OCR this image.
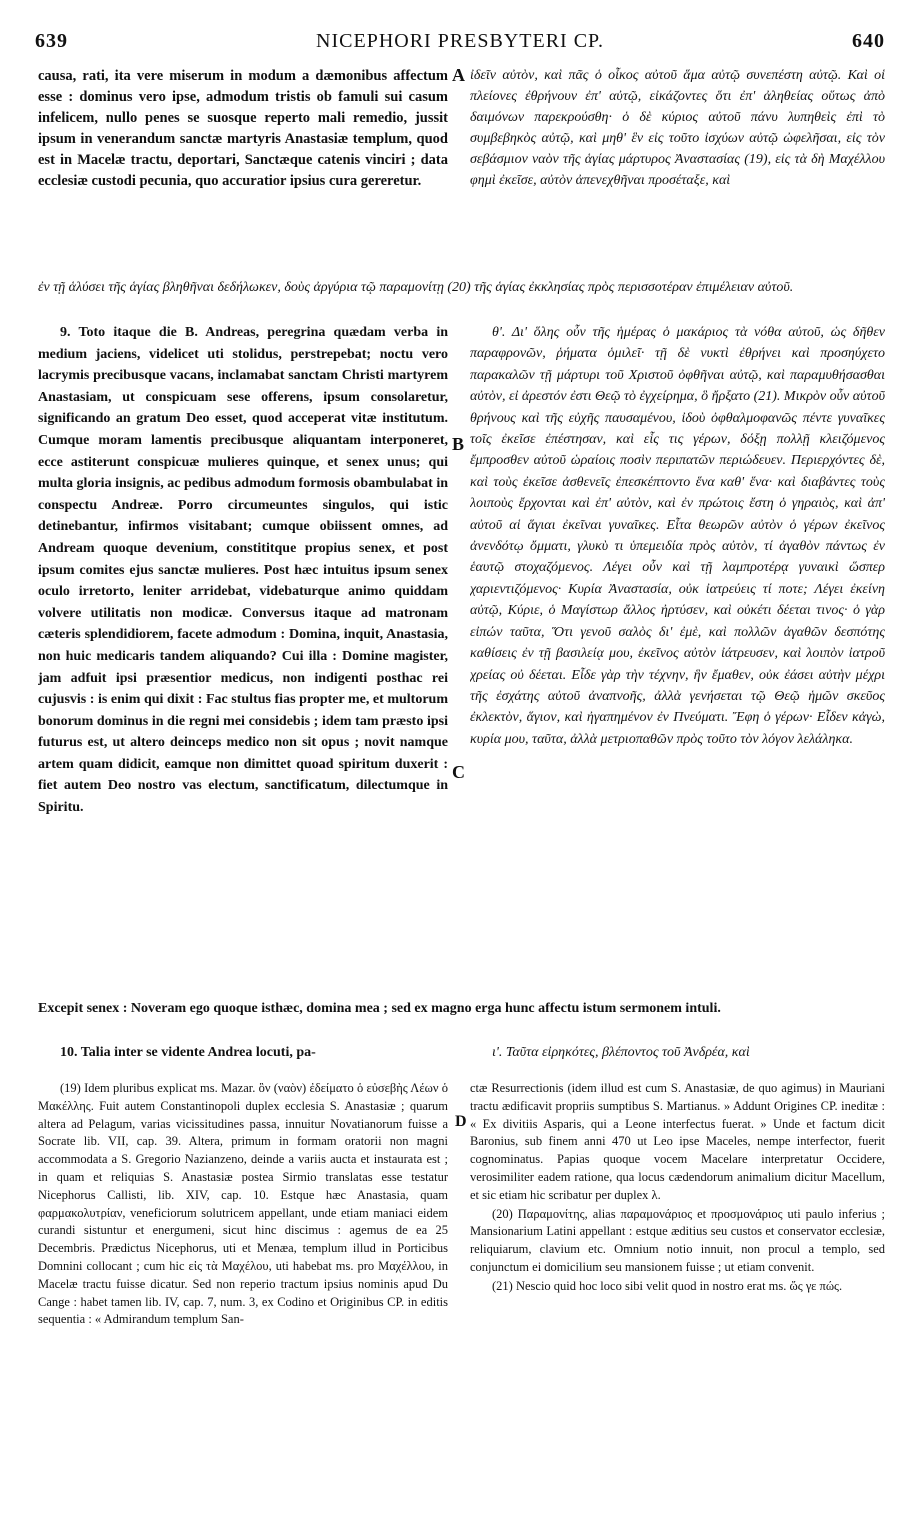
639	NICEPHORI PRESBYTERI CP.	640

causa, rati, ita vere miserum in modum a dæmonibus affectum esse : dominus vero ipse, admodum tristis ob famuli sui casum infelicem, nullo penes se suosque reperto mali remedio, jussit ipsum in venerandum sanctæ martyris Anastasiæ templum, quod est in Macelæ tractu, deportari, Sanctæque catenis vinciri ; data ecclesiæ custodi pecunia, quo accuratior ipsius cura gereretur.

A ἰδεῖν αὐτὸν, καὶ πᾶς ὁ οἶκος αὐτοῦ ἅμα αὐτῷ συνεπέστη αὐτῷ. Καὶ οἱ πλείονες ἐθρήνουν ἐπ' αὐτῷ, εἰκάζοντες ὅτι ἐπ' ἀληθείας οὕτως ἀπὸ δαιμόνων παρεκρούσθη· ὁ δὲ κύριος αὐτοῦ πάνυ λυπηθεὶς ἐπὶ τὸ συμβεβηκὸς αὐτῷ, καὶ μηθ' ἓν εἰς τοῦτο ἰσχύων αὐτῷ ὠφελῆσαι, εἰς τὸν σεβάσμιον ναὸν τῆς ἁγίας μάρτυρος Ἀναστασίας (19), εἰς τὰ δὴ Μαχέλλου φημὶ ἐκεῖσε, αὐτὸν ἀπενεχθῆναι προσέταξε, καὶ

ἐν τῇ ἁλύσει τῆς ἁγίας βληθῆναι δεδήλωκεν, δοὺς ἀργύρια τῷ παραμονίτῃ (20) τῆς ἁγίας ἐκκλησίας πρὸς περισσοτέραν ἐπιμέλειαν αὐτοῦ.

9. Toto itaque die B. Andreas, peregrina quædam verba in medium jaciens, videlicet uti stolidus, perstrepebat; noctu vero lacrymis precibusque vacans, inclamabat sanctam Christi martyrem Anastasiam, ut conspicuam sese offerens, ipsum consolaretur, significando an gratum Deo esset, quod acceperat vitæ institutum. Cumque moram lamentis precibusque aliquantam interponeret, ecce astiterunt conspicuæ mulieres quinque, et senex unus; qui multa gloria insignis, ac pedibus admodum formosis obambulabat in conspectu Andreæ. Porro circumeuntes singulos, qui istic detinebantur, infirmos visitabant; cumque obiissent omnes, ad Andream quoque devenium, constititque propius senex, et post ipsum comites ejus sanctæ mulieres. Post hæc intuitus ipsum senex oculo irretorto, leniter arridebat, videbaturque animo quiddam volvere utilitatis non modicæ. Conversus itaque ad matronam cæteris splendidiorem, facete admodum : Domina, inquit, Anastasia, non huic medicaris tandem aliquando? Cui illa : Domine magister, jam adfuit ipsi præsentior medicus, non indigenti posthac rei cujusvis : is enim qui dixit : Fac stultus fias propter me, et multorum bonorum dominus in die regni mei considebis ; idem tam præsto ipsi futurus est, ut altero deinceps medico non sit opus ; novit namque artem quam didicit, eamque non dimittet quoad spiritum duxerit : fiet autem Deo nostro vas electum, sanctificatum, dilectumque in Spiritu.

B
C

θ'. Δι' ὅλης οὖν τῆς ἡμέρας ὁ μακάριος τὰ νόθα αὐτοῦ, ὡς δῆθεν παραφρονῶν, ῥήματα ὁμιλεῖ· τῇ δὲ νυκτὶ ἐθρήνει καὶ προσηύχετο παρακαλῶν τῇ μάρτυρι τοῦ Χριστοῦ ὀφθῆναι αὐτῷ, καὶ παραμυθήσασθαι αὐτὸν, εἰ ἀρεστόν ἐστι Θεῷ τὸ ἐγχείρημα, ὃ ἤρξατο (21). Μικρὸν οὖν αὐτοῦ θρήνους καὶ τῆς εὐχῆς παυσαμένου, ἰδοὺ ὀφθαλμοφανῶς πέντε γυναῖκες τοῖς ἐκεῖσε ἐπέστησαν, καὶ εἷς τις γέρων, δόξῃ πολλῇ κλειζόμενος ἔμπροσθεν αὐτοῦ ὡραίοις ποσὶν περιπατῶν περιώδευεν. Περιερχόντες δὲ, καὶ τοὺς ἐκεῖσε ἀσθενεῖς ἐπεσκέπτοντο ἕνα καθ' ἕνα· καὶ διαβάντες τοὺς λοιποὺς ἔρχονται καὶ ἐπ' αὐτὸν, καὶ ἐν πρώτοις ἔστη ὁ γηραιὸς, καὶ ἀπ' αὐτοῦ αἱ ἅγιαι ἐκεῖναι γυναῖκες. Εἶτα θεωρῶν αὐτὸν ὁ γέρων ἐκεῖνος ἀνενδότῳ ὄμματι, γλυκὺ τι ὑπεμειδία πρὸς αὐτὸν, τί ἀγαθὸν πάντως ἐν ἑαυτῷ στοχαζόμενος. Λέγει οὖν καὶ τῇ λαμπροτέρᾳ γυναικὶ ὥσπερ χαριεντιζόμενος· Κυρία Ἀναστασία, οὐκ ἰατρεύεις τί ποτε; Λέγει ἐκείνη αὐτῷ, Κύριε, ὁ Μαγίστωρ ἄλλος ἠρτύσεν, καὶ οὐκέτι δέεται τινος· ὁ γὰρ εἰπών ταῦτα, Ὅτι γενοῦ σαλὸς δι' ἐμὲ, καὶ πολλῶν ἀγαθῶν δεσπότης καθίσεις ἐν τῇ βασιλείᾳ μου, ἐκεῖνος αὐτὸν ἰάτρευσεν, καὶ λοιπὸν ἰατροῦ χρείας οὐ δέεται. Εἶδε γὰρ τὴν τέχνην, ἣν ἔμαθεν, οὐκ ἐάσει αὐτὴν μέχρι τῆς ἐσχάτης αὐτοῦ ἀναπνοῆς, ἀλλὰ γενήσεται τῷ Θεῷ ἡμῶν σκεῦος ἐκλεκτὸν, ἅγιον, καὶ ἠγαπημένον ἐν Πνεύματι. Ἔφη ὁ γέρων· Εἶδεν κἀγὼ, κυρία μου, ταῦτα, ἀλλὰ μετριοπαθῶν πρὸς τοῦτο τὸν λόγον λελάληκα.

Excepit senex : Noveram ego quoque isthæc, domina mea ; sed ex magno erga hunc affectu istum sermonem intuli.

10. Talia inter se vidente Andrea locuti, pa-	ι'. Ταῦτα εἰρηκότες, βλέποντος τοῦ Ἀνδρέα, καὶ

D

(19) Idem pluribus explicat ms. Mazar. ὃν (ναὸν) ἐδείματο ὁ εὐσεβὴς Λέων ὁ Μακέλλης. Fuit autem Constantinopoli duplex ecclesia S. Anastasiæ ; quarum altera ad Pelagum, varias vicissitudines passa, innuitur Novatianorum fuisse a Socrate lib. VII, cap. 39. Altera, primum in formam oratorii non magni accommodata a S. Gregorio Nazianzeno, deinde a variis aucta et instaurata est ; in quam et reliquias S. Anastasiæ postea Sirmio translatas esse testatur Nicephorus Callisti, lib. XIV, cap. 10. Estque hæc Anastasia, quam φαρμακολυτρίαν, veneficiorum solutricem appellant, unde etiam maniaci eidem curandi sistuntur et energumeni, sicut hinc discimus : agemus de ea 25 Decembris. Prædictus Nicephorus, uti et Menæa, templum illud in Porticibus Domnini collocant ; cum hic εἰς τὰ Μαχέλου, uti habebat ms. pro Μαχέλλου, in Macelæ tractu fuisse dicatur. Sed non reperio tractum ipsius nominis apud Du Cange : habet tamen lib. IV, cap. 7, num. 3, ex Codino et Originibus CP. in editis sequentia : « Admirandum templum San-

ctæ Resurrectionis (idem illud est cum S. Anastasiæ, de quo agimus) in Mauriani tractu ædificavit propriis sumptibus S. Martianus. » Addunt Origines CP. ineditæ : « Ex divitiis Asparis, qui a Leone interfectus fuerat. » Unde et factum dicit Baronius, sub finem anni 470 ut Leo ipse Maceles, nempe interfector, fuerit cognominatus. Papias quoque vocem Macelare interpretatur Occidere, verosimiliter eadem ratione, qua locus cædendorum animalium dicitur Macellum, et sic etiam hic scribatur per duplex λ.

(20) Παραμονίτης, alias παραμονάριος et προσμονάριος uti paulo inferius ; Mansionarium Latini appellant : estque æditius seu custos et conservator ecclesiæ, reliquiarum, clavium etc. Omnium notio innuit, non procul a templo, sed conjunctum ei domicilium seu mansionem fuisse ; ut etiam convenit.

(21) Nescio quid hoc loco sibi velit quod in nostro erat ms. ὥς γε πώς.
